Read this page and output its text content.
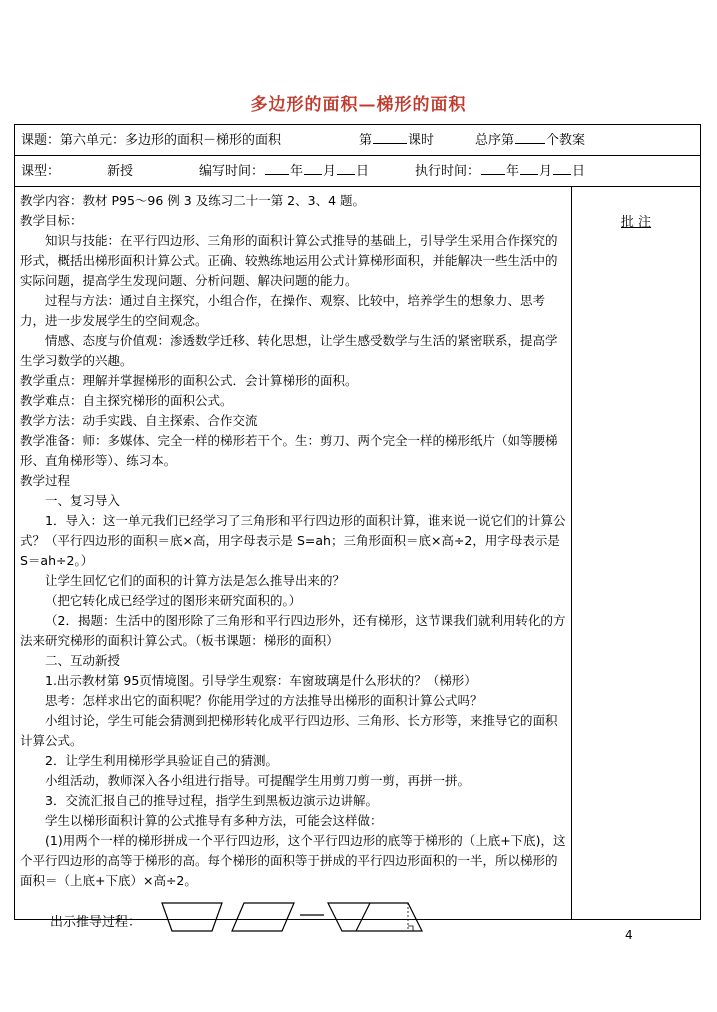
多边形的面积—梯形的面积
课题：第六单元：多边形的面积－梯形的面积	第	课时	总序第 个教案
课型：	新授	编写时间： 年 月 日	执行时间： 年 月 日
批 注

教学内容：教材 P95～96 例 3 及练习二十一第 2、3、4 题。

教学目标：

知识与技能：在平行四边形、三角形的面积计算公式推导的基础上，引导学生采用合作探究的形式，概括出梯形面积计算公式。正确、较熟练地运用公式计算梯形面积，并能解决一些生活中的实际问题，提高学生发现问题、分析问题、解决问题的能力。

过程与方法：通过自主探究，小组合作，在操作、观察、比较中，培养学生的想象力、思考力，进一步发展学生的空间观念。

情感、态度与价值观：渗透数学迁移、转化思想，让学生感受数学与生活的紧密联系，提高学生学习数学的兴趣。

教学重点：理解并掌握梯形的面积公式．会计算梯形的面积。

教学难点：自主探究梯形的面积公式。

教学方法：动手实践、自主探索、合作交流

教学准备：师：多媒体、完全一样的梯形若干个。生：剪刀、两个完全一样的梯形纸片（如等腰梯形、直角梯形等）、练习本。

教学过程

一、复习导入

1．导入：这一单元我们已经学习了三角形和平行四边形的面积计算，谁来说一说它们的计算公式？（平行四边形的面积＝底×高，用字母表示是 S=ah；三角形面积＝底×高÷2，用字母表示是 S＝ah÷2。）

让学生回忆它们的面积的计算方法是怎么推导出来的？

（把它转化成已经学过的图形来研究面积的。）

（2．揭题：生活中的图形除了三角形和平行四边形外，还有梯形，这节课我们就利用转化的方法来研究梯形的面积计算公式。（板书课题：梯形的面积）

二、互动新授

1.出示教材第 95页情境图。引导学生观察：车窗玻璃是什么形状的？（梯形）

思考：怎样求出它的面积呢？你能用学过的方法推导出梯形的面积计算公式吗？

小组讨论，学生可能会猜测到把梯形转化成平行四边形、三角形、长方形等，来推导它的面积计算公式。

2．让学生利用梯形学具验证自己的猜测。

小组活动，教师深入各小组进行指导。可提醒学生用剪刀剪一剪，再拼一拼。

3．交流汇报自己的推导过程，指学生到黑板边演示边讲解。

学生以梯形面积计算的公式推导有多种方法，可能会这样做：

(1)用两个一样的梯形拼成一个平行四边形，这个平行四边形的底等于梯形的（上底+下底)，这个平行四边形的高等于梯形的高。每个梯形的面积等于拼成的平行四边形面积的一半，所以梯形的面积＝（上底+下底）×高÷2。

出示推导过程：
4
